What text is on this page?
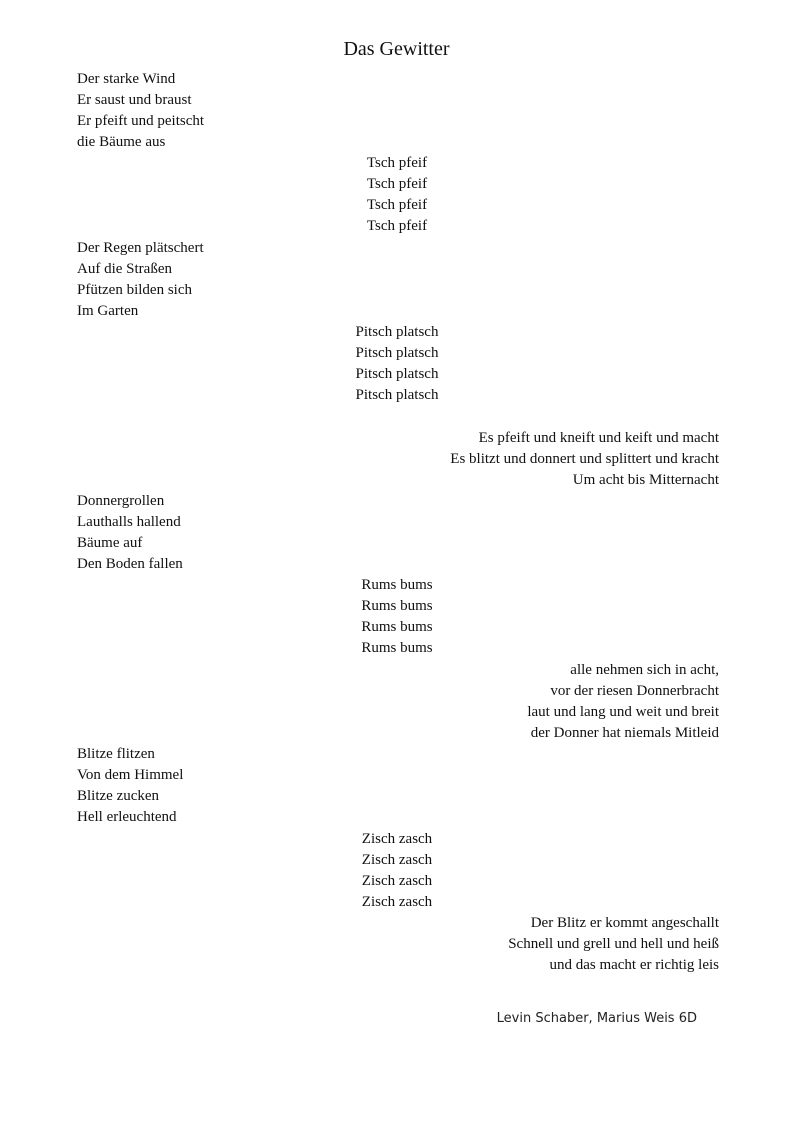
Das Gewitter
Der starke Wind
Er saust und braust
Er pfeift und peitscht
die Bäume aus
Tsch pfeif
Tsch pfeif
Tsch pfeif
Tsch pfeif
Der Regen plätschert
Auf die Straßen
Pfützen bilden sich
Im Garten
Pitsch platsch
Pitsch platsch
Pitsch platsch
Pitsch platsch
Es pfeift und kneift und keift und macht
Es blitzt und donnert und splittert und kracht
Um acht bis Mitternacht
Donnergrollen
Lauthalls hallend
Bäume auf
Den Boden fallen
Rums bums
Rums bums
Rums bums
Rums bums
alle nehmen sich in acht,
vor der riesen Donnerbracht
laut und lang und weit und breit
der Donner hat niemals Mitleid
Blitze flitzen
Von dem Himmel
Blitze zucken
Hell erleuchtend
Zisch zasch
Zisch zasch
Zisch zasch
Zisch zasch
Der Blitz er kommt angeschallt
Schnell und grell und hell und heiß
und das macht er richtig leis
Levin Schaber, Marius Weis 6D
